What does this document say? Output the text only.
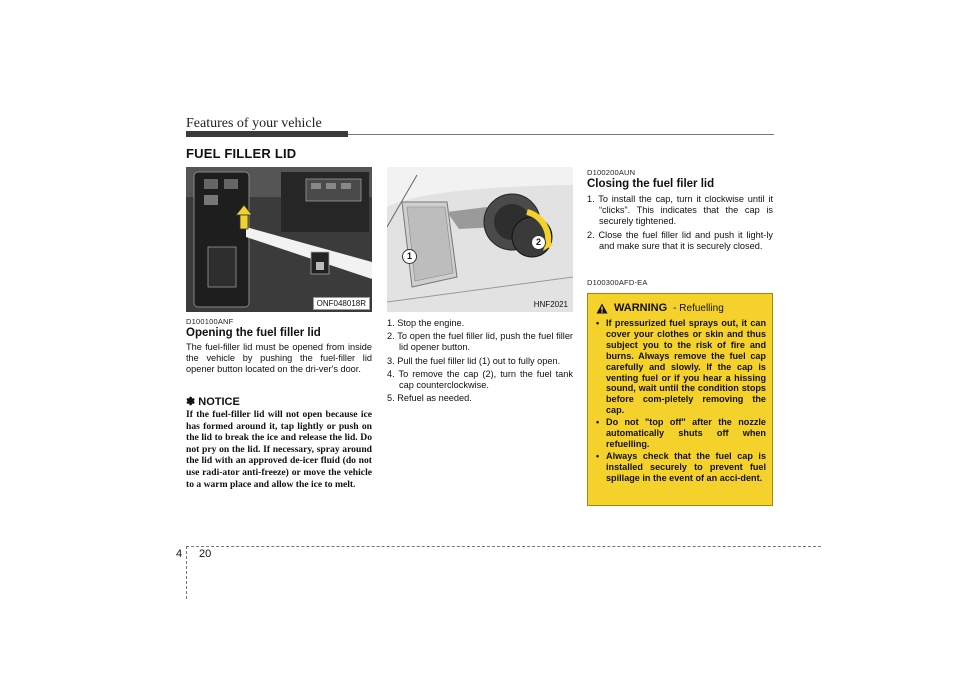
Features of your vehicle
FUEL FILLER LID
ONF048018R
1
2
HNF2021
D100100ANF
Opening the fuel filler lid
The fuel-filler lid must be opened from inside the vehicle by pushing the fuel-filler lid opener button located on the dri-ver's door.
✽ NOTICE
If the fuel-filler lid will not open because ice has formed around it, tap lightly or push on the lid to break the ice and release the lid. Do not pry on the lid. If necessary, spray around the lid with an approved de-icer fluid (do not use radi-ator anti-freeze) or move the vehicle to a warm place and allow the ice to melt.
1. Stop the engine.
2. To open the fuel filler lid, push the fuel filler lid opener button.
3. Pull the fuel filler lid (1) out to fully open.
4. To remove the cap (2), turn the fuel tank cap counterclockwise.
5. Refuel as needed.
D100200AUN
Closing the fuel filer lid
1. To install the cap, turn it clockwise until it “clicks”. This indicates that the cap is securely tightened.
2. Close the fuel filler lid and push it light-ly and make sure that it is securely closed.
D100300AFD-EA
WARNING - Refuelling
• If pressurized fuel sprays out, it can cover your clothes or skin and thus subject you to the risk of fire and burns. Always remove the fuel cap carefully and slowly. If the cap is venting fuel or if you hear a hissing sound, wait until the condition stops before com-pletely removing the cap.
• Do not "top off" after the nozzle automatically shuts off when refuelling.
• Always check that the fuel cap is installed securely to prevent fuel spillage in the event of an acci-dent.
4 20
